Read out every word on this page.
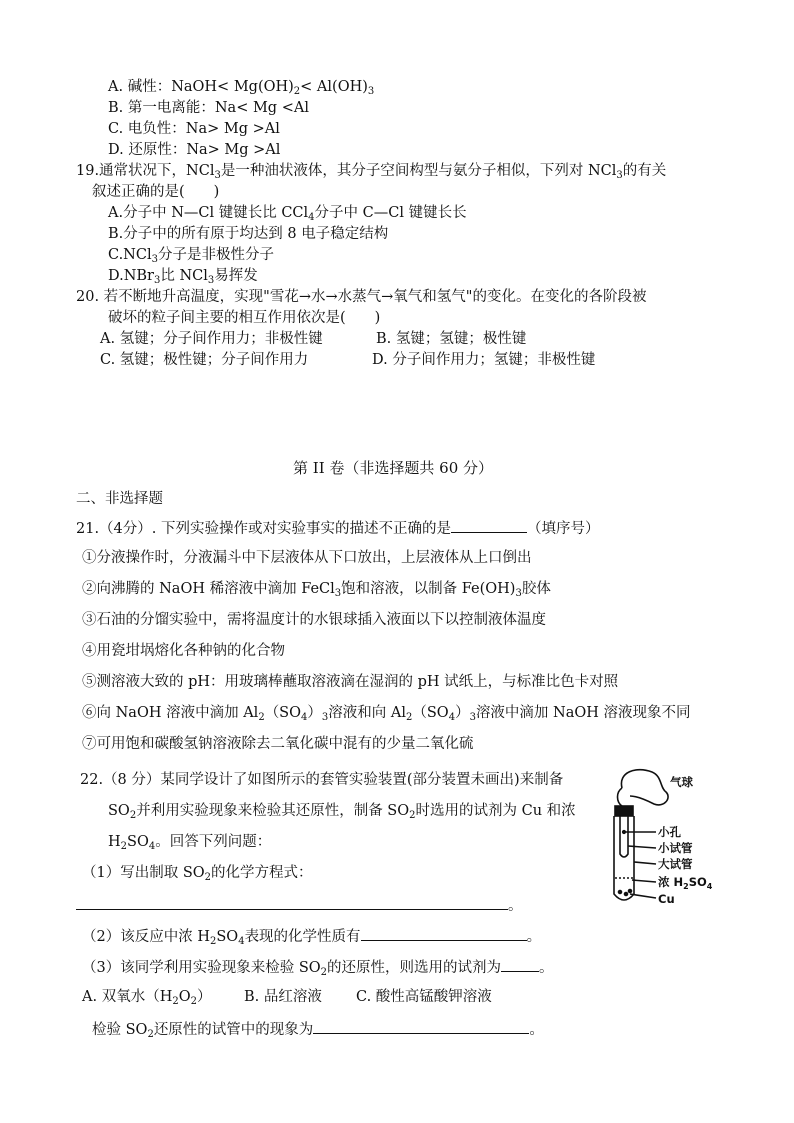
A. 碱性：NaOH< $Mg(OH)_2< Al(OH)_3$
B. 第一电离能：Na< Mg <Al
C. 电负性：Na> Mg >Al
D. 还原性：Na> Mg >Al
19.通常状况下，NCl$_3$是一种油状液体，其分子空间构型与氨分子相似，下列对 NCl$_3$的有关
叙述正确的是(　　)
A.分子中 N—Cl 键键长比 CCl$_4$分子中 C—Cl 键键长长
B.分子中的所有原于均达到 8 电子稳定结构
C.NCl$_3$分子是非极性分子
D.NBr$_3$比 NCl$_3$易挥发
20. 若不断地升高温度，实现"雪花→水→水蒸气→氧气和氢气"的变化。在变化的各阶段被
破坏的粒子间主要的相互作用依次是(　　)
A. 氢键；分子间作用力；非极性键	B. 氢键；氢键；极性键
C. 氢键；极性键；分子间作用力	D. 分子间作用力；氢键；非极性键
第 II 卷（非选择题共 60 分）
二、非选择题
21.（4分）. 下列实验操作或对实验事实的描述不正确的是	（填序号）
①分液操作时，分液漏斗中下层液体从下口放出，上层液体从上口倒出
②向沸腾的 NaOH 稀溶液中滴加 FeCl$_3$饱和溶液，以制备 $Fe(OH)_3$胶体
③石油的分馏实验中，需将温度计的水银球插入液面以下以控制液体温度
④用瓷坩埚熔化各种钠的化合物
⑤测溶液大致的 pH：用玻璃棒蘸取溶液滴在湿润的 pH 试纸上，与标准比色卡对照
⑥向 NaOH 溶液中滴加 $Al_2(SO_4)_3$溶液和向 $Al_2(SO_4)_3$溶液中滴加 NaOH 溶液现象不同
⑦可用饱和碳酸氢钠溶液除去二氧化碳中混有的少量二氧化硫
22.（8 分）某同学设计了如图所示的套管实验装置(部分装置未画出)来制备
$SO_2$并利用实验现象来检验其还原性，制备 $SO_2$时选用的试剂为 Cu 和浓
$H_2SO_4$。回答下列问题：
（1）写出制取 $SO_2$的化学方程式：
。
（2）该反应中浓 $H_2SO_4$表现的化学性质有	。
（3）该同学利用实验现象来检验 $SO_2$的还原性，则选用的试剂为	。
A. 双氧水$(H_2O_2)$ B. 品红溶液 C. 酸性高锰酸钾溶液
检验 $SO_2$还原性的试管中的现象为	。
气球
小孔
小试管
大试管
浓 $H_2SO_4$
Cu
